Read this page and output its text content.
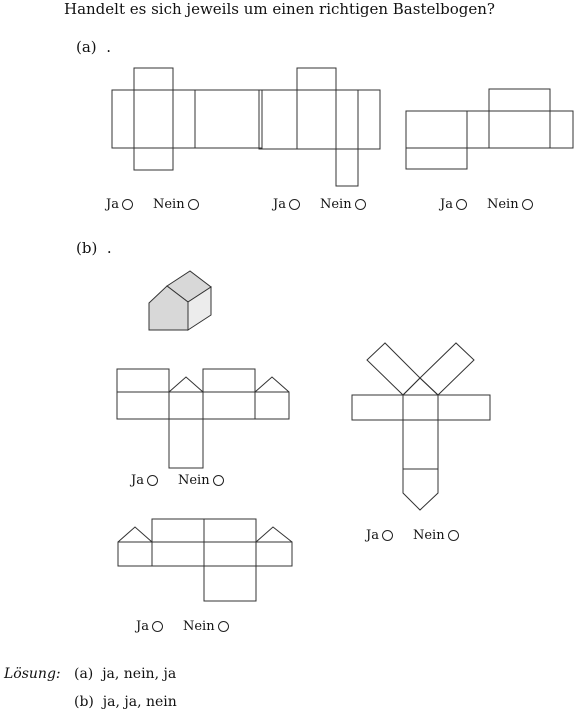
Handelt es sich jeweils um einen richtigen Bastelbogen?
(a) .
(b) .
Ja	Nein	Ja	Nein	Ja	Nein
Ja	Nein
Ja	Nein
Ja	Nein
Lösung: (a) ja, nein, ja
(b) ja, ja, nein
